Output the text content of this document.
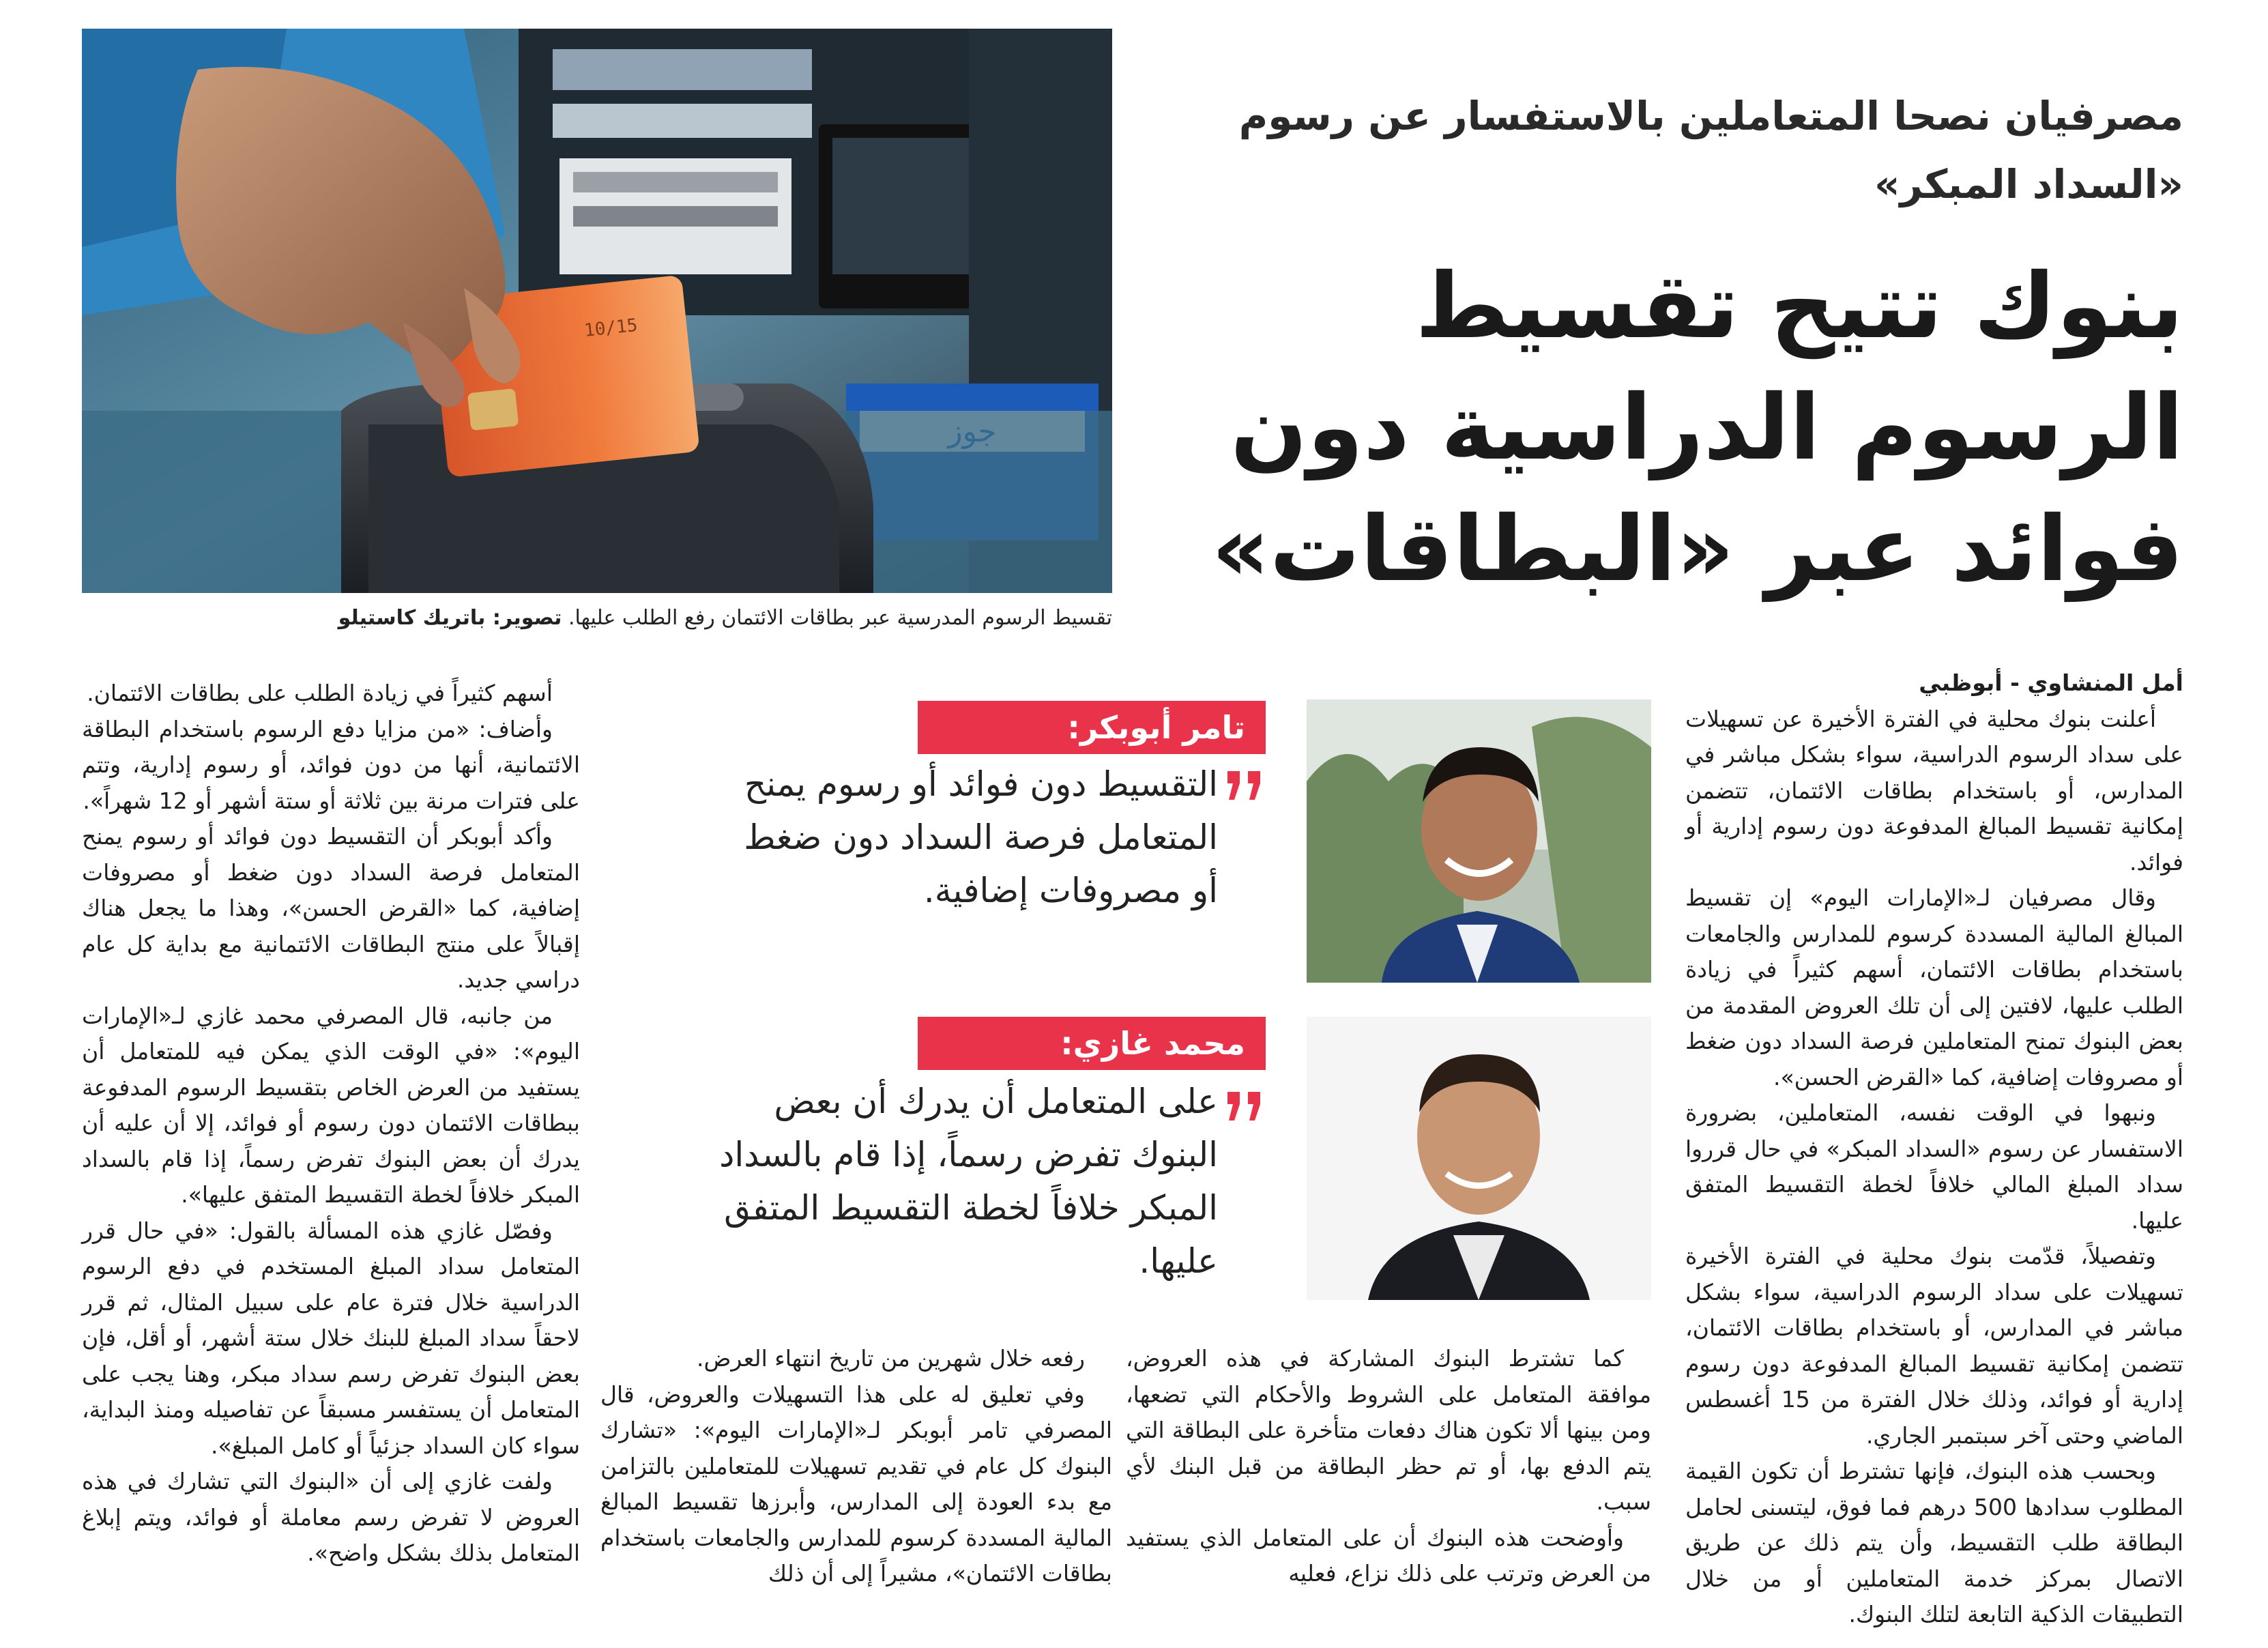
10/15
تقسيط الرسوم المدرسية عبر بطاقات الائتمان رفع الطلب عليها. تصوير: باتريك كاستيلو
مصرفيان نصحا المتعاملين بالاستفسار عن رسوم «السداد المبكر»
بنوك تتيح تقسيط الرسوم الدراسية دون فوائد عبر «البطاقات»

أمل المنشاوي - أبوظبي

أعلنت بنوك محلية في الفترة الأخيرة عن تسهيلات على سداد الرسوم الدراسية، سواء بشكل مباشر في المدارس، أو باستخدام بطاقات الائتمان، تتضمن إمكانية تقسيط المبالغ المدفوعة دون رسوم إدارية أو فوائد.

وقال مصرفيان لـ«الإمارات اليوم» إن تقسيط المبالغ المالية المسددة كرسوم للمدارس والجامعات باستخدام بطاقات الائتمان، أسهم كثيراً في زيادة الطلب عليها، لافتين إلى أن تلك العروض المقدمة من بعض البنوك تمنح المتعاملين فرصة السداد دون ضغط أو مصروفات إضافية، كما «القرض الحسن».

ونبهوا في الوقت نفسه، المتعاملين، بضرورة الاستفسار عن رسوم «السداد المبكر» في حال قرروا سداد المبلغ المالي خلافاً لخطة التقسيط المتفق عليها.

وتفصيلاً، قدّمت بنوك محلية في الفترة الأخيرة تسهيلات على سداد الرسوم الدراسية، سواء بشكل مباشر في المدارس، أو باستخدام بطاقات الائتمان، تتضمن إمكانية تقسيط المبالغ المدفوعة دون رسوم إدارية أو فوائد، وذلك خلال الفترة من 15 أغسطس الماضي وحتى آخر سبتمبر الجاري.

وبحسب هذه البنوك، فإنها تشترط أن تكون القيمة المطلوب سدادها 500 درهم فما فوق، ليتسنى لحامل البطاقة طلب التقسيط، وأن يتم ذلك عن طريق الاتصال بمركز خدمة المتعاملين أو من خلال التطبيقات الذكية التابعة لتلك البنوك.

تامر أبوبكر:
التقسيط دون فوائد أو رسوم يمنح المتعامل فرصة السداد دون ضغط أو مصروفات إضافية.
محمد غازي:
على المتعامل أن يدرك أن بعض البنوك تفرض رسماً، إذا قام بالسداد المبكر خلافاً لخطة التقسيط المتفق عليها.

كما تشترط البنوك المشاركة في هذه العروض، موافقة المتعامل على الشروط والأحكام التي تضعها، ومن بينها ألا تكون هناك دفعات متأخرة على البطاقة التي يتم الدفع بها، أو تم حظر البطاقة من قبل البنك لأي سبب.

وأوضحت هذه البنوك أن على المتعامل الذي يستفيد من العرض وترتب على ذلك نزاع، فعليه

رفعه خلال شهرين من تاريخ انتهاء العرض.

وفي تعليق له على هذا التسهيلات والعروض، قال المصرفي تامر أبوبكر لـ«الإمارات اليوم»: «تشارك البنوك كل عام في تقديم تسهيلات للمتعاملين بالتزامن مع بدء العودة إلى المدارس، وأبرزها تقسيط المبالغ المالية المسددة كرسوم للمدارس والجامعات باستخدام بطاقات الائتمان»، مشيراً إلى أن ذلك

أسهم كثيراً في زيادة الطلب على بطاقات الائتمان.

وأضاف: «من مزايا دفع الرسوم باستخدام البطاقة الائتمانية، أنها من دون فوائد، أو رسوم إدارية، وتتم على فترات مرنة بين ثلاثة أو ستة أشهر أو 12 شهراً».

وأكد أبوبكر أن التقسيط دون فوائد أو رسوم يمنح المتعامل فرصة السداد دون ضغط أو مصروفات إضافية، كما «القرض الحسن»، وهذا ما يجعل هناك إقبالاً على منتج البطاقات الائتمانية مع بداية كل عام دراسي جديد.

من جانبه، قال المصرفي محمد غازي لـ«الإمارات اليوم»: «في الوقت الذي يمكن فيه للمتعامل أن يستفيد من العرض الخاص بتقسيط الرسوم المدفوعة ببطاقات الائتمان دون رسوم أو فوائد، إلا أن عليه أن يدرك أن بعض البنوك تفرض رسماً، إذا قام بالسداد المبكر خلافاً لخطة التقسيط المتفق عليها».

وفصّل غازي هذه المسألة بالقول: «في حال قرر المتعامل سداد المبلغ المستخدم في دفع الرسوم الدراسية خلال فترة عام على سبيل المثال، ثم قرر لاحقاً سداد المبلغ للبنك خلال ستة أشهر، أو أقل، فإن بعض البنوك تفرض رسم سداد مبكر، وهنا يجب على المتعامل أن يستفسر مسبقاً عن تفاصيله ومنذ البداية، سواء كان السداد جزئياً أو كامل المبلغ».

ولفت غازي إلى أن «البنوك التي تشارك في هذه العروض لا تفرض رسم معاملة أو فوائد، ويتم إبلاغ المتعامل بذلك بشكل واضح».
